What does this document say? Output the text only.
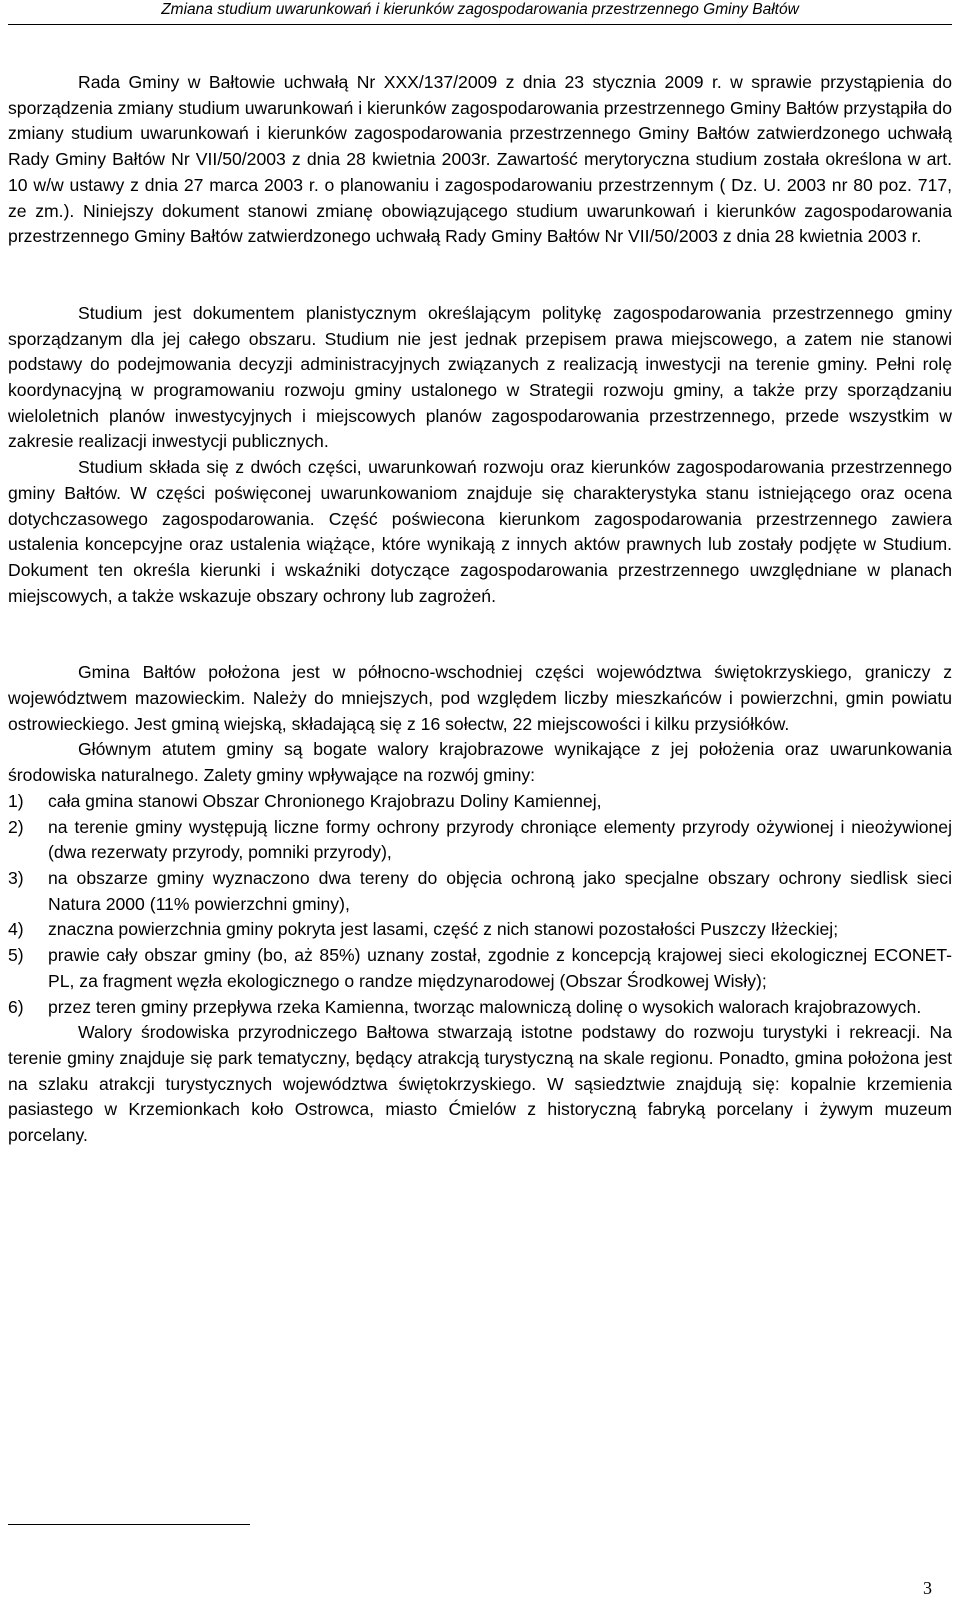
Zmiana studium uwarunkowań i kierunków zagospodarowania przestrzennego Gminy Bałtów

Rada Gminy w Bałtowie uchwałą Nr XXX/137/2009 z dnia 23 stycznia 2009 r. w sprawie przystąpienia do sporządzenia zmiany studium uwarunkowań i kierunków zagospodarowania przestrzennego Gminy Bałtów przystąpiła do zmiany studium uwarunkowań i kierunków zagospodarowania przestrzennego Gminy Bałtów zatwierdzonego uchwałą Rady Gminy Bałtów Nr VII/50/2003 z dnia 28 kwietnia 2003r. Zawartość merytoryczna studium została określona w art. 10 w/w ustawy z dnia 27 marca 2003 r. o planowaniu i zagospodarowaniu przestrzennym ( Dz. U. 2003 nr 80 poz. 717, ze zm.). Niniejszy dokument stanowi zmianę obowiązującego studium uwarunkowań i kierunków zagospodarowania przestrzennego Gminy Bałtów zatwierdzonego uchwałą Rady Gminy Bałtów Nr VII/50/2003 z dnia 28 kwietnia 2003 r.

Studium jest dokumentem planistycznym określającym politykę zagospodarowania przestrzennego gminy sporządzanym dla jej całego obszaru. Studium nie jest jednak przepisem prawa miejscowego, a zatem nie stanowi podstawy do podejmowania decyzji administracyjnych związanych z realizacją inwestycji na terenie gminy. Pełni rolę koordynacyjną w programowaniu rozwoju gminy ustalonego w Strategii rozwoju gminy, a także przy sporządzaniu wieloletnich planów inwestycyjnych i miejscowych planów zagospodarowania przestrzennego, przede wszystkim w zakresie realizacji inwestycji publicznych.

Studium składa się z dwóch części, uwarunkowań rozwoju oraz kierunków zagospodarowania przestrzennego gminy Bałtów. W części poświęconej uwarunkowaniom znajduje się charakterystyka stanu istniejącego oraz ocena dotychczasowego zagospodarowania. Część poświecona kierunkom zagospodarowania przestrzennego zawiera ustalenia koncepcyjne oraz ustalenia wiążące, które wynikają z innych aktów prawnych lub zostały podjęte w Studium. Dokument ten określa kierunki i wskaźniki dotyczące zagospodarowania przestrzennego uwzględniane w planach miejscowych, a także wskazuje obszary ochrony lub zagrożeń.

Gmina Bałtów położona jest w północno-wschodniej części województwa świętokrzyskiego, graniczy z województwem mazowieckim. Należy do mniejszych, pod względem liczby mieszkańców i powierzchni, gmin powiatu ostrowieckiego. Jest gminą wiejską, składającą się z 16 sołectw, 22 miejscowości i kilku przysiółków.

Głównym atutem gminy są bogate walory krajobrazowe wynikające z jej położenia oraz uwarunkowania środowiska naturalnego. Zalety gminy wpływające na rozwój gminy:

1) cała gmina stanowi Obszar Chronionego Krajobrazu Doliny Kamiennej,
2) na terenie gminy występują liczne formy ochrony przyrody chroniące elementy przyrody ożywionej i nieożywionej (dwa rezerwaty przyrody, pomniki przyrody),
3) na obszarze gminy wyznaczono dwa tereny do objęcia ochroną jako specjalne obszary ochrony siedlisk sieci Natura 2000 (11% powierzchni gminy),
4) znaczna powierzchnia gminy pokryta jest lasami, część z nich stanowi pozostałości Puszczy Iłżeckiej;
5) prawie cały obszar gminy (bo, aż 85%) uznany został, zgodnie z koncepcją krajowej sieci ekologicznej ECONET-PL, za fragment węzła ekologicznego o randze międzynarodowej (Obszar Środkowej Wisły);
6) przez teren gminy przepływa rzeka Kamienna, tworząc malowniczą dolinę o wysokich walorach krajobrazowych.

Walory środowiska przyrodniczego Bałtowa stwarzają istotne podstawy do rozwoju turystyki i rekreacji. Na terenie gminy znajduje się park tematyczny, będący atrakcją turystyczną na skale regionu. Ponadto, gmina położona jest na szlaku atrakcji turystycznych województwa świętokrzyskiego. W sąsiedztwie znajdują się: kopalnie krzemienia pasiastego w Krzemionkach koło Ostrowca, miasto Ćmielów z historyczną fabryką porcelany i żywym muzeum porcelany.

3
